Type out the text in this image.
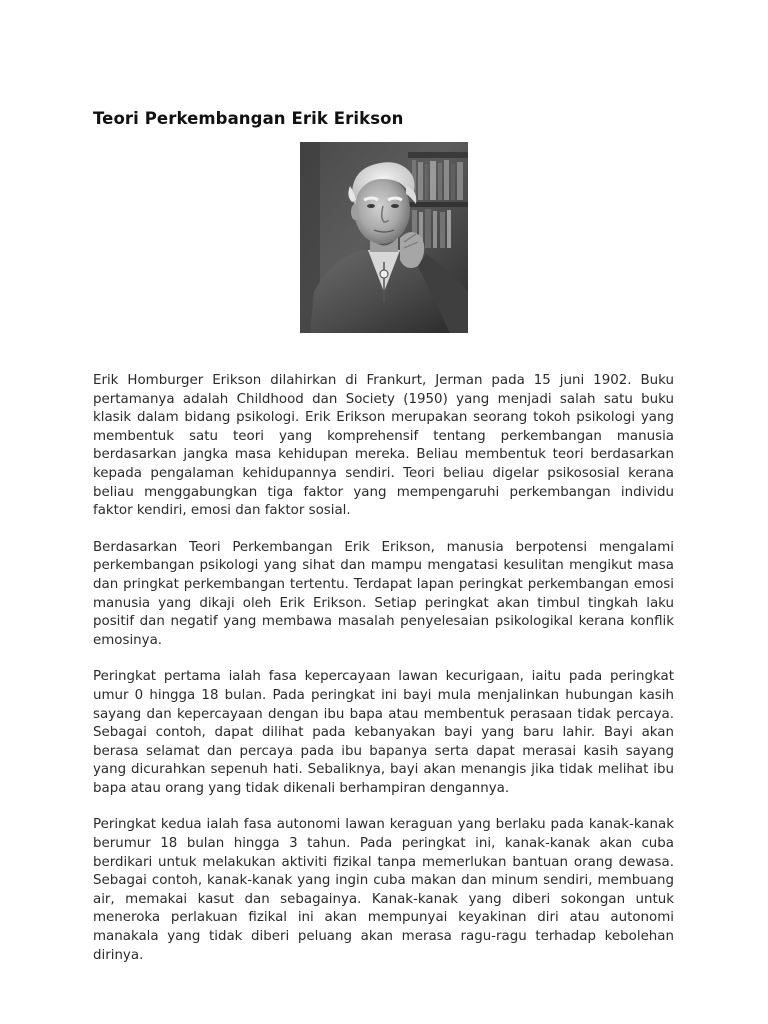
Teori Perkembangan Erik Erikson

Erik Homburger Erikson dilahirkan di Frankurt, Jerman pada 15 juni 1902. Buku pertamanya adalah Childhood dan Society (1950) yang menjadi salah satu buku klasik dalam bidang psikologi. Erik Erikson merupakan seorang tokoh psikologi yang membentuk satu teori yang komprehensif tentang perkembangan manusia berdasarkan jangka masa kehidupan mereka. Beliau membentuk teori berdasarkan kepada pengalaman kehidupannya sendiri. Teori beliau digelar psikososial kerana beliau menggabungkan tiga faktor yang mempengaruhi perkembangan individu faktor kendiri, emosi dan faktor sosial.

Berdasarkan Teori Perkembangan Erik Erikson, manusia berpotensi mengalami perkembangan psikologi yang sihat dan mampu mengatasi kesulitan mengikut masa dan pringkat perkembangan tertentu. Terdapat lapan peringkat perkembangan emosi manusia yang dikaji oleh Erik Erikson. Setiap peringkat akan timbul tingkah laku positif dan negatif yang membawa masalah penyelesaian psikologikal kerana konflik emosinya.

Peringkat pertama ialah fasa kepercayaan lawan kecurigaan, iaitu pada peringkat umur 0 hingga 18 bulan. Pada peringkat ini bayi mula menjalinkan hubungan kasih sayang dan kepercayaan dengan ibu bapa atau membentuk perasaan tidak percaya. Sebagai contoh, dapat dilihat pada kebanyakan bayi yang baru lahir. Bayi akan berasa selamat dan percaya pada ibu bapanya serta dapat merasai kasih sayang yang dicurahkan sepenuh hati. Sebaliknya, bayi akan menangis jika tidak melihat ibu bapa atau orang yang tidak dikenali berhampiran dengannya.

Peringkat kedua ialah fasa autonomi lawan keraguan yang berlaku pada kanak-kanak berumur 18 bulan hingga 3 tahun. Pada peringkat ini, kanak-kanak akan cuba berdikari untuk melakukan aktiviti fizikal tanpa memerlukan bantuan orang dewasa. Sebagai contoh, kanak-kanak yang ingin cuba makan dan minum sendiri, membuang air, memakai kasut dan sebagainya. Kanak-kanak yang diberi sokongan untuk meneroka perlakuan fizikal ini akan mempunyai keyakinan diri atau autonomi manakala yang tidak diberi peluang akan merasa ragu-ragu terhadap kebolehan dirinya.
